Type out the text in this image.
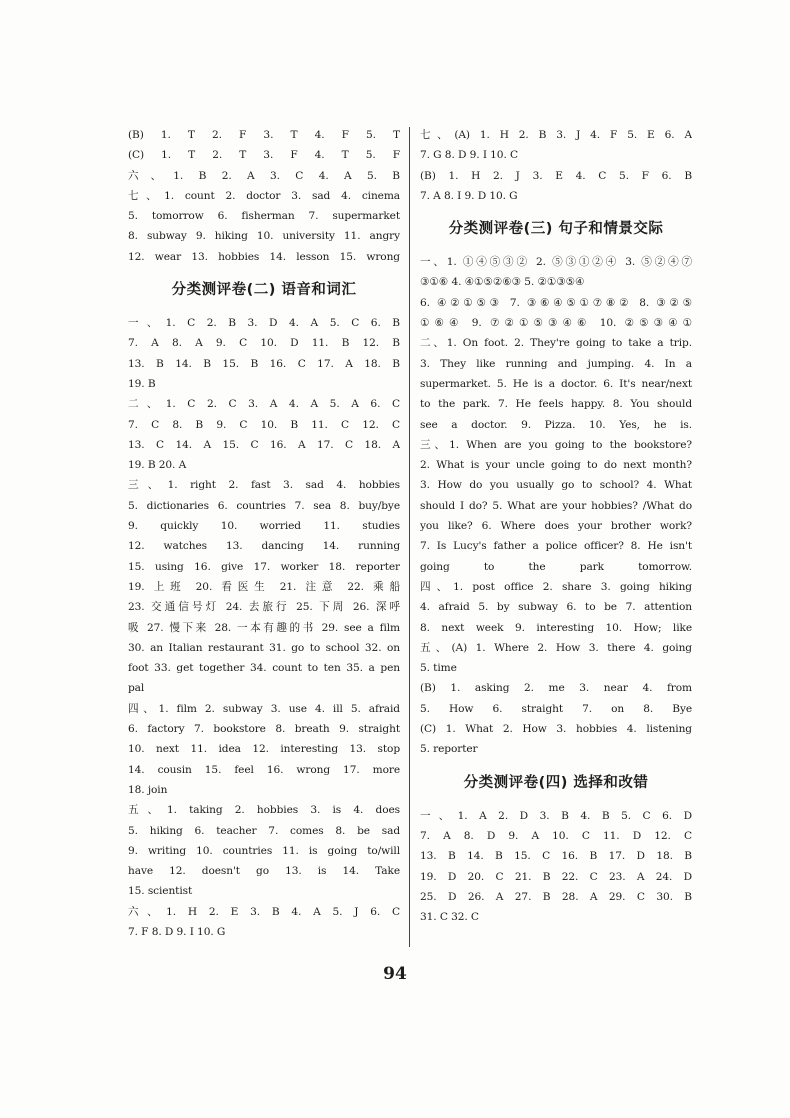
(B) 1. T 2. F 3. T 4. F 5. T
(C) 1. T 2. T 3. F 4. T 5. F
六、1. B 2. A 3. C 4. A 5. B
七、1. count 2. doctor 3. sad 4. cinema
5. tomorrow 6. fisherman 7. supermarket
8. subway 9. hiking 10. university 11. angry
12. wear 13. hobbies 14. lesson 15. wrong
分类测评卷(二) 语音和词汇
一、1. C 2. B 3. D 4. A 5. C 6. B
7. A 8. A 9. C 10. D 11. B 12. B
13. B 14. B 15. B 16. C 17. A 18. B
19. B
二、1. C 2. C 3. A 4. A 5. A 6. C
7. C 8. B 9. C 10. B 11. C 12. C
13. C 14. A 15. C 16. A 17. C 18. A
19. B 20. A
三、1. right 2. fast 3. sad 4. hobbies
5. dictionaries 6. countries 7. sea 8. buy/bye
9. quickly 10. worried 11. studies
12. watches 13. dancing 14. running
15. using 16. give 17. worker 18. reporter
19. 上班 20. 看医生 21. 注意 22. 乘船
23. 交通信号灯 24. 去旅行 25. 下周 26. 深呼
吸 27. 慢下来 28. 一本有趣的书 29. see a film
30. an Italian restaurant 31. go to school 32. on
foot 33. get together 34. count to ten 35. a pen
pal
四、1. film 2. subway 3. use 4. ill 5. afraid
6. factory 7. bookstore 8. breath 9. straight
10. next 11. idea 12. interesting 13. stop
14. cousin 15. feel 16. wrong 17. more
18. join
五、1. taking 2. hobbies 3. is 4. does
5. hiking 6. teacher 7. comes 8. be sad
9. writing 10. countries 11. is going to/will
have 12. doesn't go 13. is 14. Take
15. scientist
六、1. H 2. E 3. B 4. A 5. J 6. C
7. F 8. D 9. I 10. G
七、(A) 1. H 2. B 3. J 4. F 5. E 6. A
7. G 8. D 9. I 10. C
(B) 1. H 2. J 3. E 4. C 5. F 6. B
7. A 8. I 9. D 10. G
分类测评卷(三) 句子和情景交际
一、1. ①④⑤③② 2. ⑤③①②④ 3. ⑤②④⑦
③①⑥ 4. ④①⑤②⑥③ 5. ②①③⑤④
6. ④②①⑤③ 7. ③⑥④⑤①⑦⑧② 8. ③②⑤
①⑥④ 9. ⑦②①⑤③④⑥ 10. ②⑤③④①
二、1. On foot. 2. They're going to take a trip.
3. They like running and jumping. 4. In a
supermarket. 5. He is a doctor. 6. It's near/next
to the park. 7. He feels happy. 8. You should
see a doctor. 9. Pizza. 10. Yes, he is.
三、1. When are you going to the bookstore?
2. What is your uncle going to do next month?
3. How do you usually go to school? 4. What
should I do? 5. What are your hobbies? /What do
you like? 6. Where does your brother work?
7. Is Lucy's father a police officer? 8. He isn't
going to the park tomorrow.
四、1. post office 2. share 3. going hiking
4. afraid 5. by subway 6. to be 7. attention
8. next week 9. interesting 10. How; like
五、(A) 1. Where 2. How 3. there 4. going
5. time
(B) 1. asking 2. me 3. near 4. from
5. How 6. straight 7. on 8. Bye
(C) 1. What 2. How 3. hobbies 4. listening
5. reporter
分类测评卷(四) 选择和改错
一、1. A 2. D 3. B 4. B 5. C 6. D
7. A 8. D 9. A 10. C 11. D 12. C
13. B 14. B 15. C 16. B 17. D 18. B
19. D 20. C 21. B 22. C 23. A 24. D
25. D 26. A 27. B 28. A 29. C 30. B
31. C 32. C
94
